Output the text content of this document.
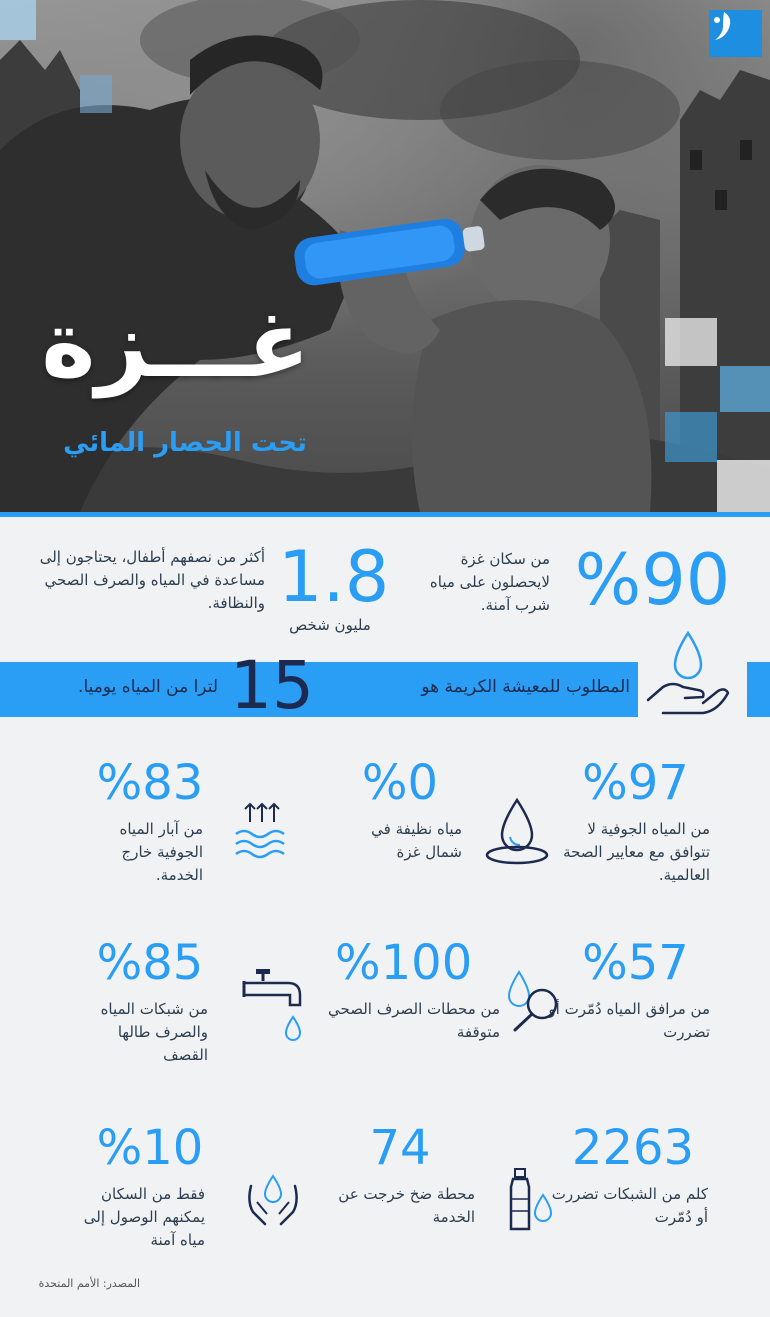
غـــزة
تحت الحصار المائي
%90
من سكان غزة لايحصلون على مياه شرب آمنة.
1.8
مليون شخص
أكثر من نصفهم أطفال، يحتاجون إلى مساعدة في المياه والصرف الصحي والنظافة.
المطلوب للمعيشة الكريمة هو
15
لترا من المياه يوميا.
%97
من المياه الجوفية لا تتوافق مع معايير الصحة العالمية.
%0
مياه نظيفة في شمال غزة
%83
من آبار المياه الجوفية خارج الخدمة.
%57
من مرافق المياه دُمّرت أو تضررت
%100
من محطات الصرف الصحي متوقفة
%85
من شبكات المياه والصرف طالها القصف
2263
كلم من الشبكات تضررت أو دُمّرت
74
محطة ضخ خرجت عن الخدمة
%10
فقط من السكان يمكنهم الوصول إلى مياه آمنة
المصدر: الأمم المتحدة
